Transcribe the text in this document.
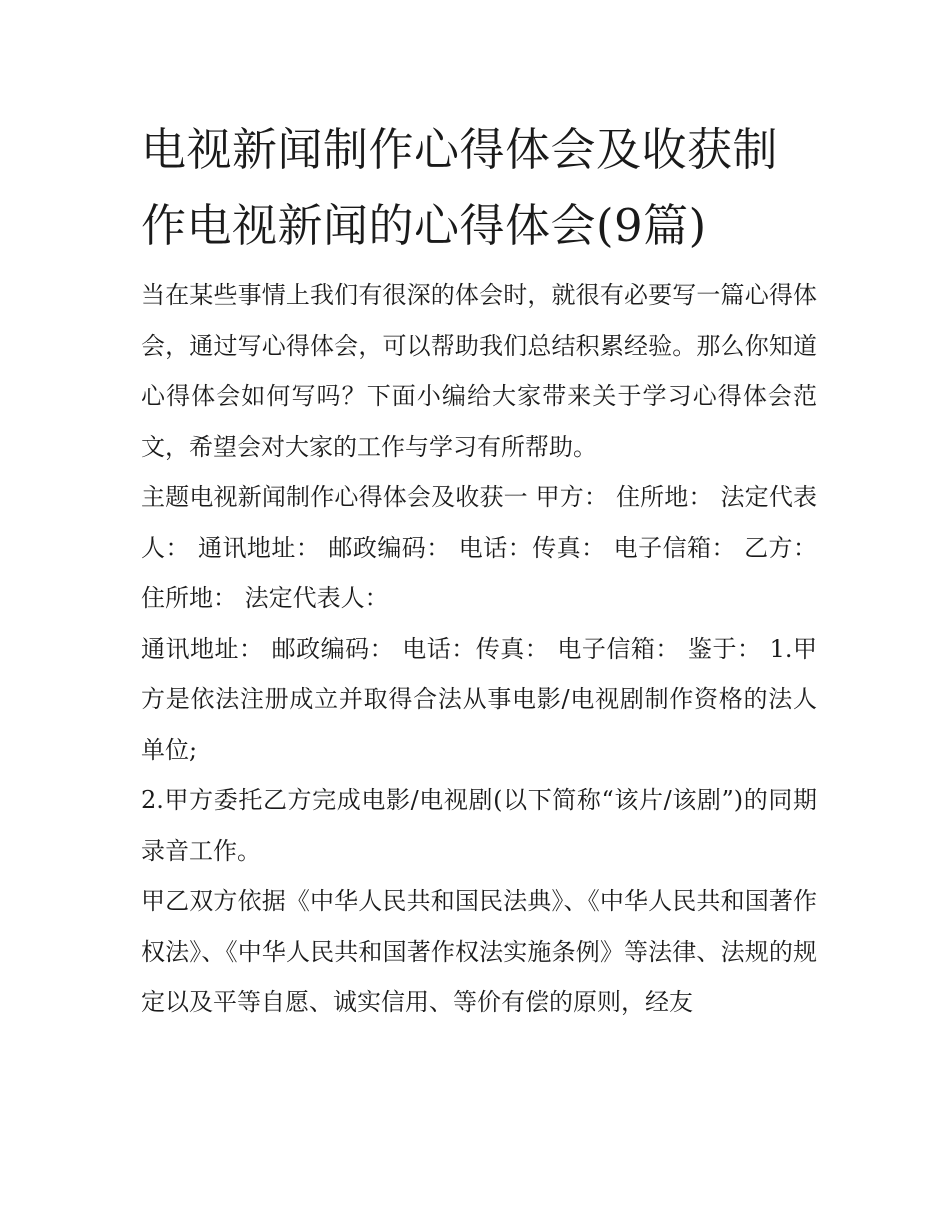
电视新闻制作心得体会及收获制作电视新闻的心得体会(9篇)

当在某些事情上我们有很深的体会时，就很有必要写一篇心得体会，通过写心得体会，可以帮助我们总结积累经验。那么你知道心得体会如何写吗？下面小编给大家带来关于学习心得体会范文，希望会对大家的工作与学习有所帮助。

主题电视新闻制作心得体会及收获一 甲方： 住所地： 法定代表人： 通讯地址： 邮政编码： 电话：传真： 电子信箱： 乙方： 住所地： 法定代表人：

通讯地址： 邮政编码： 电话：传真： 电子信箱： 鉴于： 1.甲方是依法注册成立并取得合法从事电影/电视剧制作资格的法人单位;

2.甲方委托乙方完成电影/电视剧(以下简称“该片/该剧”)的同期录音工作。

甲乙双方依据《中华人民共和国民法典》、《中华人民共和国著作权法》、《中华人民共和国著作权法实施条例》等法律、法规的规定以及平等自愿、诚实信用、等价有偿的原则，经友
